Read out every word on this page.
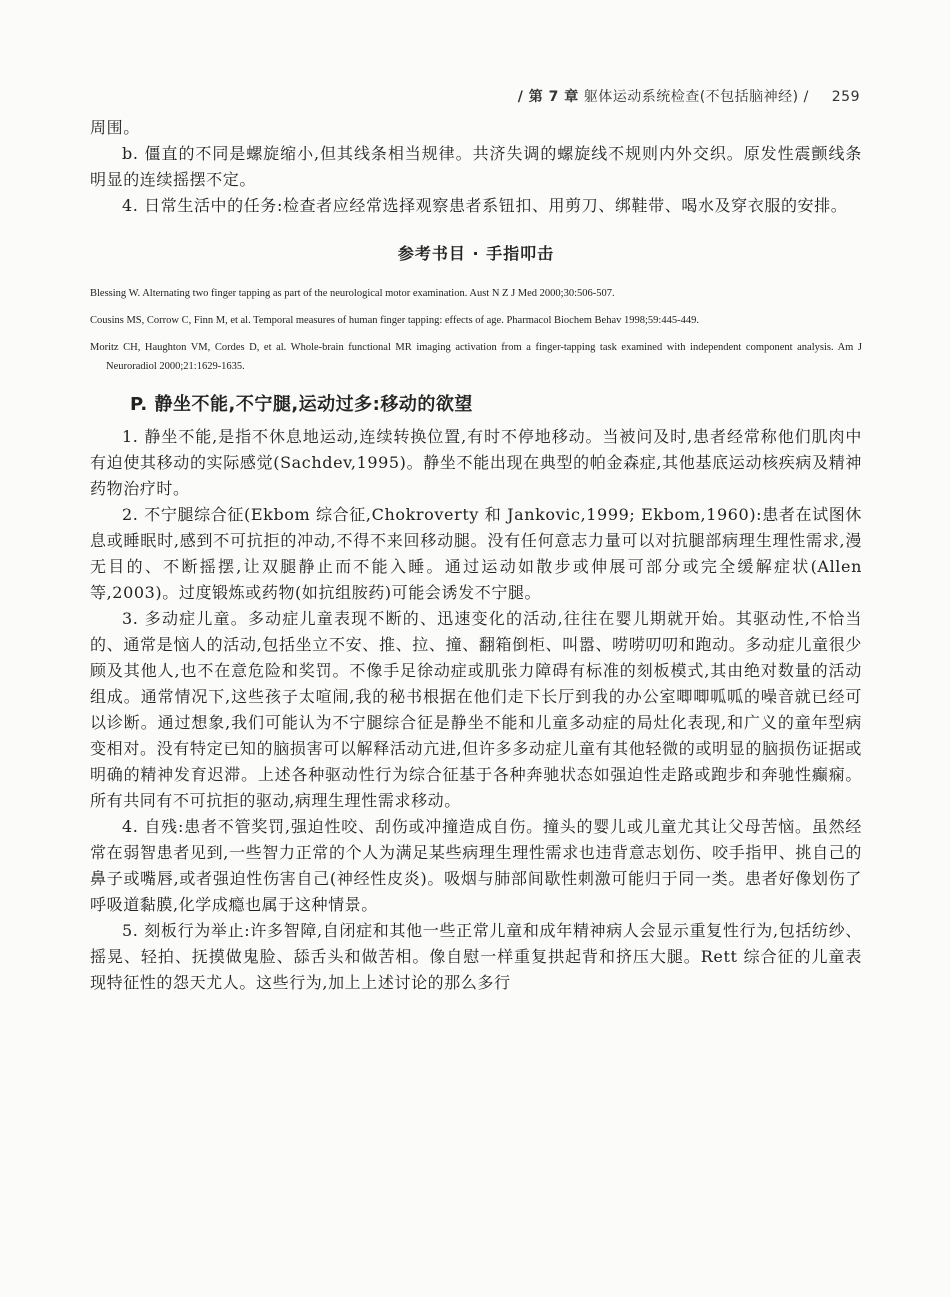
/ 第 7 章 躯体运动系统检查(不包括脑神经) / 259

周围。

b. 僵直的不同是螺旋缩小,但其线条相当规律。共济失调的螺旋线不规则内外交织。原发性震颤线条明显的连续摇摆不定。

4. 日常生活中的任务:检查者应经常选择观察患者系钮扣、用剪刀、绑鞋带、喝水及穿衣服的安排。

参考书目 · 手指叩击

Blessing W. Alternating two finger tapping as part of the neurological motor examination. Aust N Z J Med 2000;30:506-507.

Cousins MS, Corrow C, Finn M, et al. Temporal measures of human finger tapping: effects of age. Pharmacol Biochem Behav 1998;59:445-449.

Moritz CH, Haughton VM, Cordes D, et al. Whole-brain functional MR imaging activation from a finger-tapping task examined with independent component analysis. Am J Neuroradiol 2000;21:1629-1635.

P. 静坐不能,不宁腿,运动过多:移动的欲望

1. 静坐不能,是指不休息地运动,连续转换位置,有时不停地移动。当被问及时,患者经常称他们肌肉中有迫使其移动的实际感觉(Sachdev,1995)。静坐不能出现在典型的帕金森症,其他基底运动核疾病及精神药物治疗时。

2. 不宁腿综合征(Ekbom 综合征,Chokroverty 和 Jankovic,1999; Ekbom,1960):患者在试图休息或睡眠时,感到不可抗拒的冲动,不得不来回移动腿。没有任何意志力量可以对抗腿部病理生理性需求,漫无目的、不断摇摆,让双腿静止而不能入睡。通过运动如散步或伸展可部分或完全缓解症状(Allen 等,2003)。过度锻炼或药物(如抗组胺药)可能会诱发不宁腿。

3. 多动症儿童。多动症儿童表现不断的、迅速变化的活动,往往在婴儿期就开始。其驱动性,不恰当的、通常是恼人的活动,包括坐立不安、推、拉、撞、翻箱倒柜、叫嚣、唠唠叨叨和跑动。多动症儿童很少顾及其他人,也不在意危险和奖罚。不像手足徐动症或肌张力障碍有标准的刻板模式,其由绝对数量的活动组成。通常情况下,这些孩子太喧闹,我的秘书根据在他们走下长厅到我的办公室唧唧呱呱的噪音就已经可以诊断。通过想象,我们可能认为不宁腿综合征是静坐不能和儿童多动症的局灶化表现,和广义的童年型病变相对。没有特定已知的脑损害可以解释活动亢进,但许多多动症儿童有其他轻微的或明显的脑损伤证据或明确的精神发育迟滞。上述各种驱动性行为综合征基于各种奔驰状态如强迫性走路或跑步和奔驰性癫痫。所有共同有不可抗拒的驱动,病理生理性需求移动。

4. 自残:患者不管奖罚,强迫性咬、刮伤或冲撞造成自伤。撞头的婴儿或儿童尤其让父母苦恼。虽然经常在弱智患者见到,一些智力正常的个人为满足某些病理生理性需求也违背意志划伤、咬手指甲、挑自己的鼻子或嘴唇,或者强迫性伤害自己(神经性皮炎)。吸烟与肺部间歇性刺激可能归于同一类。患者好像划伤了呼吸道黏膜,化学成瘾也属于这种情景。

5. 刻板行为举止:许多智障,自闭症和其他一些正常儿童和成年精神病人会显示重复性行为,包括纺纱、摇晃、轻拍、抚摸做鬼脸、舔舌头和做苦相。像自慰一样重复拱起背和挤压大腿。Rett 综合征的儿童表现特征性的怨天尤人。这些行为,加上上述讨论的那么多行
